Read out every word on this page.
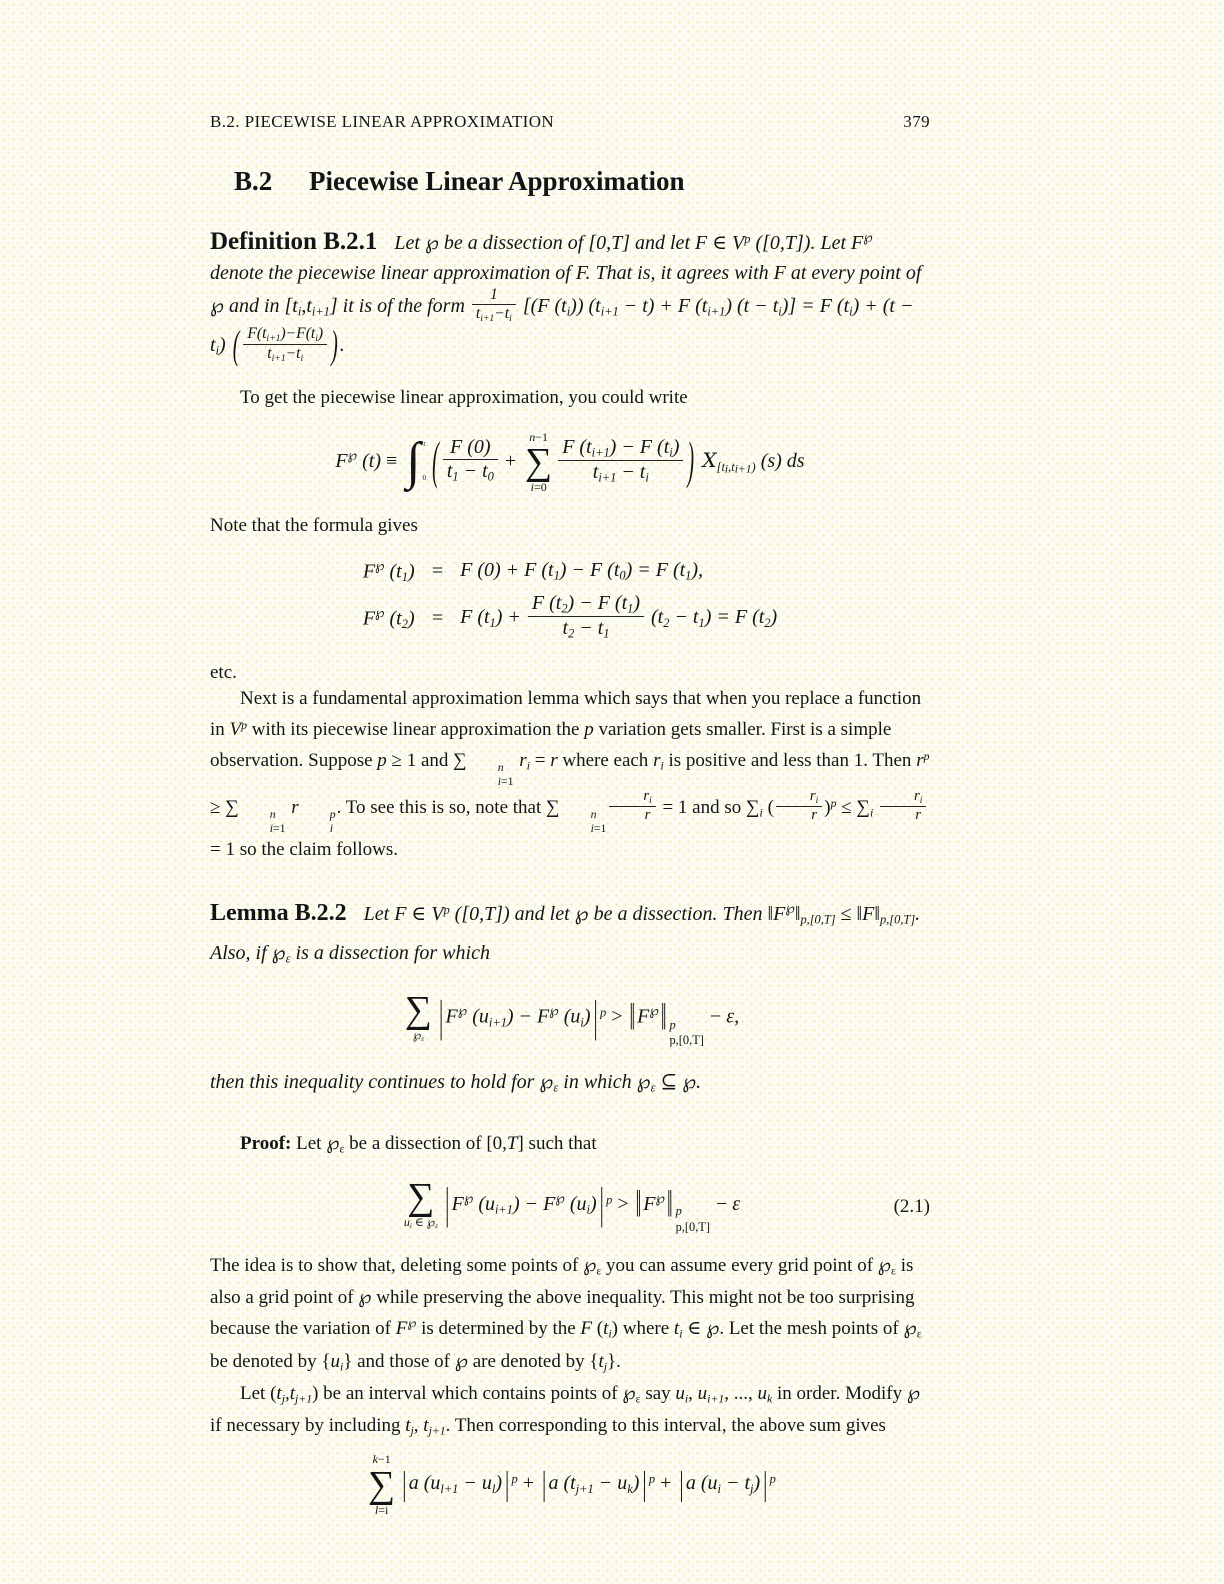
B.2. PIECEWISE LINEAR APPROXIMATION	379
B.2 Piecewise Linear Approximation

Definition B.2.1 Let ℘ be a dissection of [0,T] and let F ∈ $V^p$ ([0,T]). Let F℘ denote the piecewise linear approximation of F. That is, it agrees with F at every point of ℘ and in [ti,ti+1] it is of the form $\frac{1}{ti+1-ti} [(F$ (ti)) (ti+1 − t) + F (ti+1) (t − ti)] = F (ti) + (t − ti) ( $\frac{F(ti+1)-F(ti)}{ti+1-ti}$ ) .

To get the piecewise linear approximation, you could write

F℘ (t) ≡ ∫ t
0 ( $\frac{F (0)}{t1 - t0}$ +
n−1
∑
i=0
$\frac{F (ti+1) - F (ti)}{ti+1 - ti}$ ) $X[t_i,t_{i+1})$ (s) ds

Note that the formula gives

F℘ (t1) = F (0) + F (t1) − F (t0) = F (t1),
F℘ (t2) = F $(t1) + \frac{F (t2) - F (t1)}{t2 - t1} (t2 - t1) = F$ (t2)

etc.

Next is a fundamental approximation lemma which says that when you replace a function in $V^p$ with its piecewise linear approximation the p variation gets smaller. First is a simple observation. Suppose p ≥ 1 and ∑	n
i=1
ri = r where each ri is positive and less than 1. Then $r^p$ ≥ ∑	n
i=1
r	p
i
. To see this is so, note that ∑	n
i=1
$\frac{ri}{r} = 1$ and so ∑i ( $\frac{ri}{r} )^p \le \sum i \frac{ri}{r}$
= 1 so the claim follows.

Lemma B.2.2 Let F ∈ $V^p$ ([0,T]) and let ℘ be a dissection. Then ‖F℘‖p,[0,T] ≤ ‖F‖p,[0,T]. Also, if ℘ε is a dissection for which

∑
℘ε | F℘ (ui+1) − F℘ (ui) | $^p$ > ‖ F℘ ‖ p
p,[0,T]
− ε,

then this inequality continues to hold for ℘ε in which ℘ε ⊆ ℘.

Proof: Let ℘ε be a dissection of [0,T] such that

∑
ui ∈ ℘ε | F℘ (ui+1) − F℘ (ui) | $^p$ > ‖ F℘ ‖ p
p,[0,T]
− ε	(2.1)

The idea is to show that, deleting some points of ℘ε you can assume every grid point of ℘ε is also a grid point of ℘ while preserving the above inequality. This might not be too surprising because the variation of F℘ is determined by the F (ti) where ti ∈ ℘. Let the mesh points of ℘ε be denoted by {ui} and those of ℘ are denoted by {tj}.

Let (tj,tj+1) be an interval which contains points of ℘ε say ui, ui+1, ..., uk in order. Modify ℘ if necessary by including tj, tj+1. Then corresponding to this interval, the above sum gives

k−1
∑
l=i
| a (ul+1 − ul) | $^p$ + | a (tj+1 − uk) | $^p$ + | a (ui − tj) | $^p$
